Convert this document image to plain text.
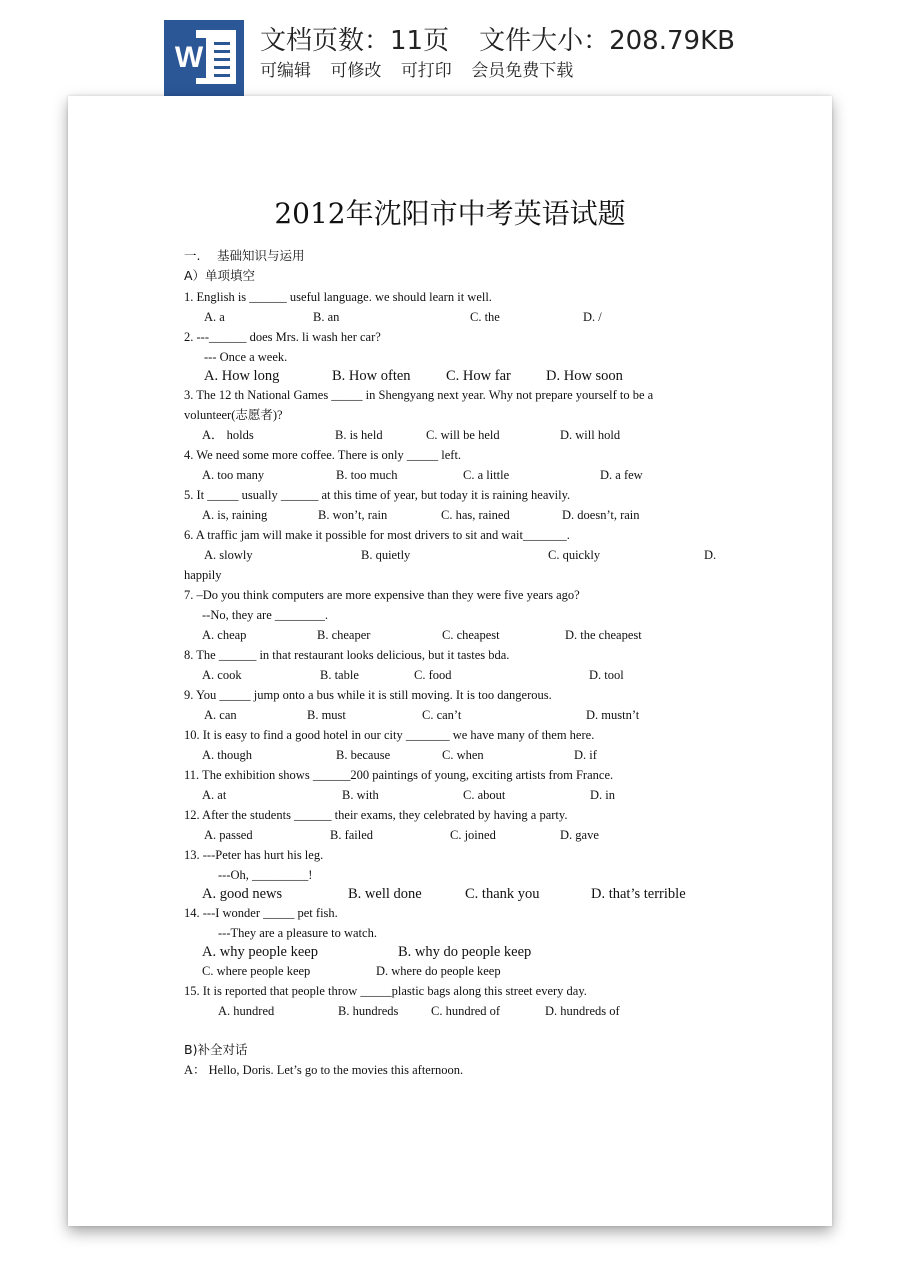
W 文档页数：11页 文件大小：208.79KB
可编辑 可修改 可打印 会员免费下载
2012年沈阳市中考英语试题
一.　 基础知识与运用
A）单项填空
1. English is ______ useful language. we should learn it well.
A. a	B. an	C. the	D. /
2. ---______ does Mrs. li wash her car?
--- Once a week.
A. How long	B. How often C. How far D. How soon
3. The 12 th National Games _____ in Shengyang next year. Why not prepare yourself to be a
volunteer(志愿者)?
A． holds	B. is held	C. will be held	D. will hold
4. We need some more coffee. There is only _____ left.
A. too many	B. too much	C. a little	D. a few
5. It _____ usually ______ at this time of year, but today it is raining heavily.
A. is, raining	B. won’t, rain	C. has, rained	D. doesn’t, rain
6. A traffic jam will make it possible for most drivers to sit and wait_______.
A. slowly	B. quietly	C. quickly	D.
happily
7. –Do you think computers are more expensive than they were five years ago?
--No, they are ________.
A. cheap	B. cheaper	C. cheapest	D. the cheapest
8. The ______ in that restaurant looks delicious, but it tastes bda.
A. cook	B. table	C. food	D. tool
9. You _____ jump onto a bus while it is still moving. It is too dangerous.
A. can	B. must	C. can’t	D. mustn’t
10. It is easy to find a good hotel in our city _______ we have many of them here.
A. though	B. because	C. when	D. if
11. The exhibition shows ______200 paintings of young, exciting artists from France.
A. at	B. with	C. about	D. in
12. After the students ______ their exams, they celebrated by having a party.
A. passed	B. failed	C. joined	D. gave
13. ---Peter has hurt his leg.
---Oh, _________!
A. good news	B. well done	C. thank you	D. that’s terrible
14. ---I wonder _____ pet fish.
---They are a pleasure to watch.
A. why people keep	B. why do people keep
C. where people keep	D. where do people keep
15. It is reported that people throw _____plastic bags along this street every day.
A. hundred	B. hundreds	C. hundred of	D. hundreds of
B)补全对话
A： Hello, Doris. Let’s go to the movies this afternoon.
